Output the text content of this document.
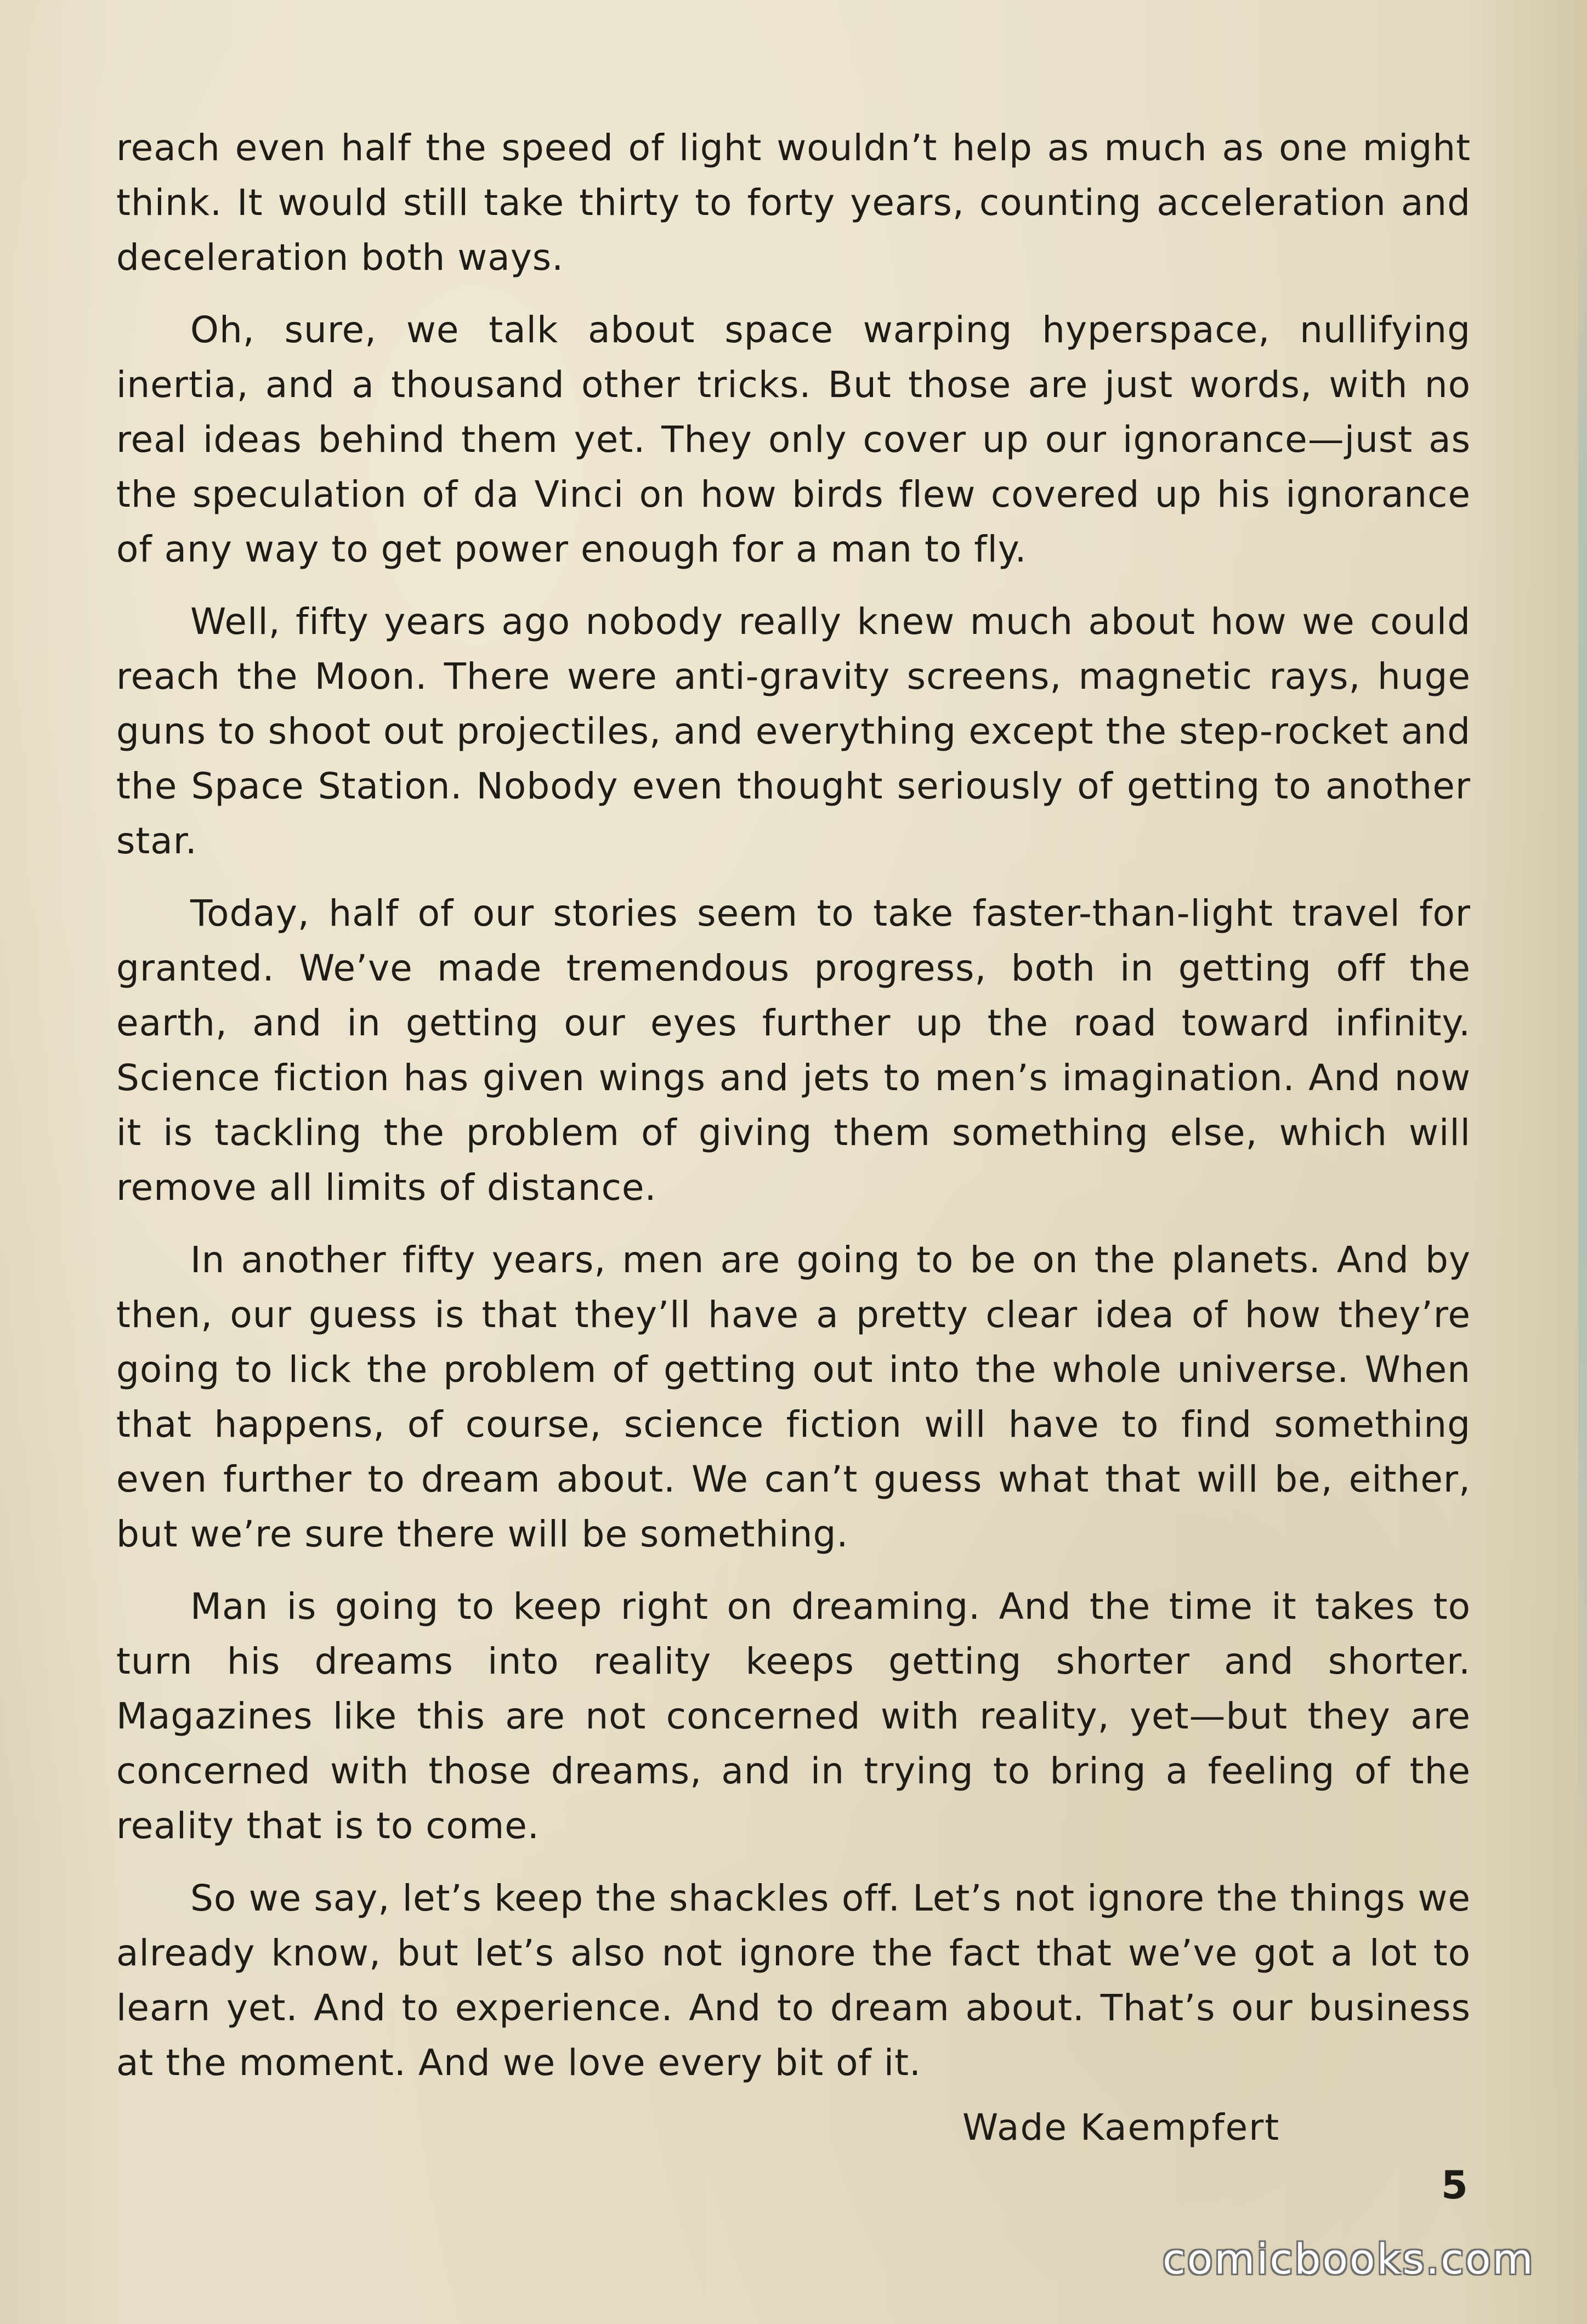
reach even half the speed of light wouldn’t help as much as one might think. It would still take thirty to forty years, counting acceleration and deceleration both ways.

Oh, sure, we talk about space warping hyperspace, nullifying inertia, and a thousand other tricks. But those are just words, with no real ideas behind them yet. They only cover up our ignorance—just as the speculation of da Vinci on how birds flew covered up his ignorance of any way to get power enough for a man to fly.

Well, fifty years ago nobody really knew much about how we could reach the Moon. There were anti-gravity screens, magnetic rays, huge guns to shoot out projectiles, and everything except the step-rocket and the Space Station. Nobody even thought seriously of getting to another star.

Today, half of our stories seem to take faster-than-light travel for granted. We’ve made tremendous progress, both in getting off the earth, and in getting our eyes further up the road toward infinity. Science fiction has given wings and jets to men’s imagination. And now it is tackling the problem of giving them something else, which will remove all limits of distance.

In another fifty years, men are going to be on the planets. And by then, our guess is that they’ll have a pretty clear idea of how they’re going to lick the problem of getting out into the whole universe. When that happens, of course, science fiction will have to find something even further to dream about. We can’t guess what that will be, either, but we’re sure there will be something.

Man is going to keep right on dreaming. And the time it takes to turn his dreams into reality keeps getting shorter and shorter. Magazines like this are not concerned with reality, yet—but they are concerned with those dreams, and in trying to bring a feeling of the reality that is to come.

So we say, let’s keep the shackles off. Let’s not ignore the things we already know, but let’s also not ignore the fact that we’ve got a lot to learn yet. And to experience. And to dream about. That’s our business at the moment. And we love every bit of it.

Wade Kaempfert
5
comicbooks.com
